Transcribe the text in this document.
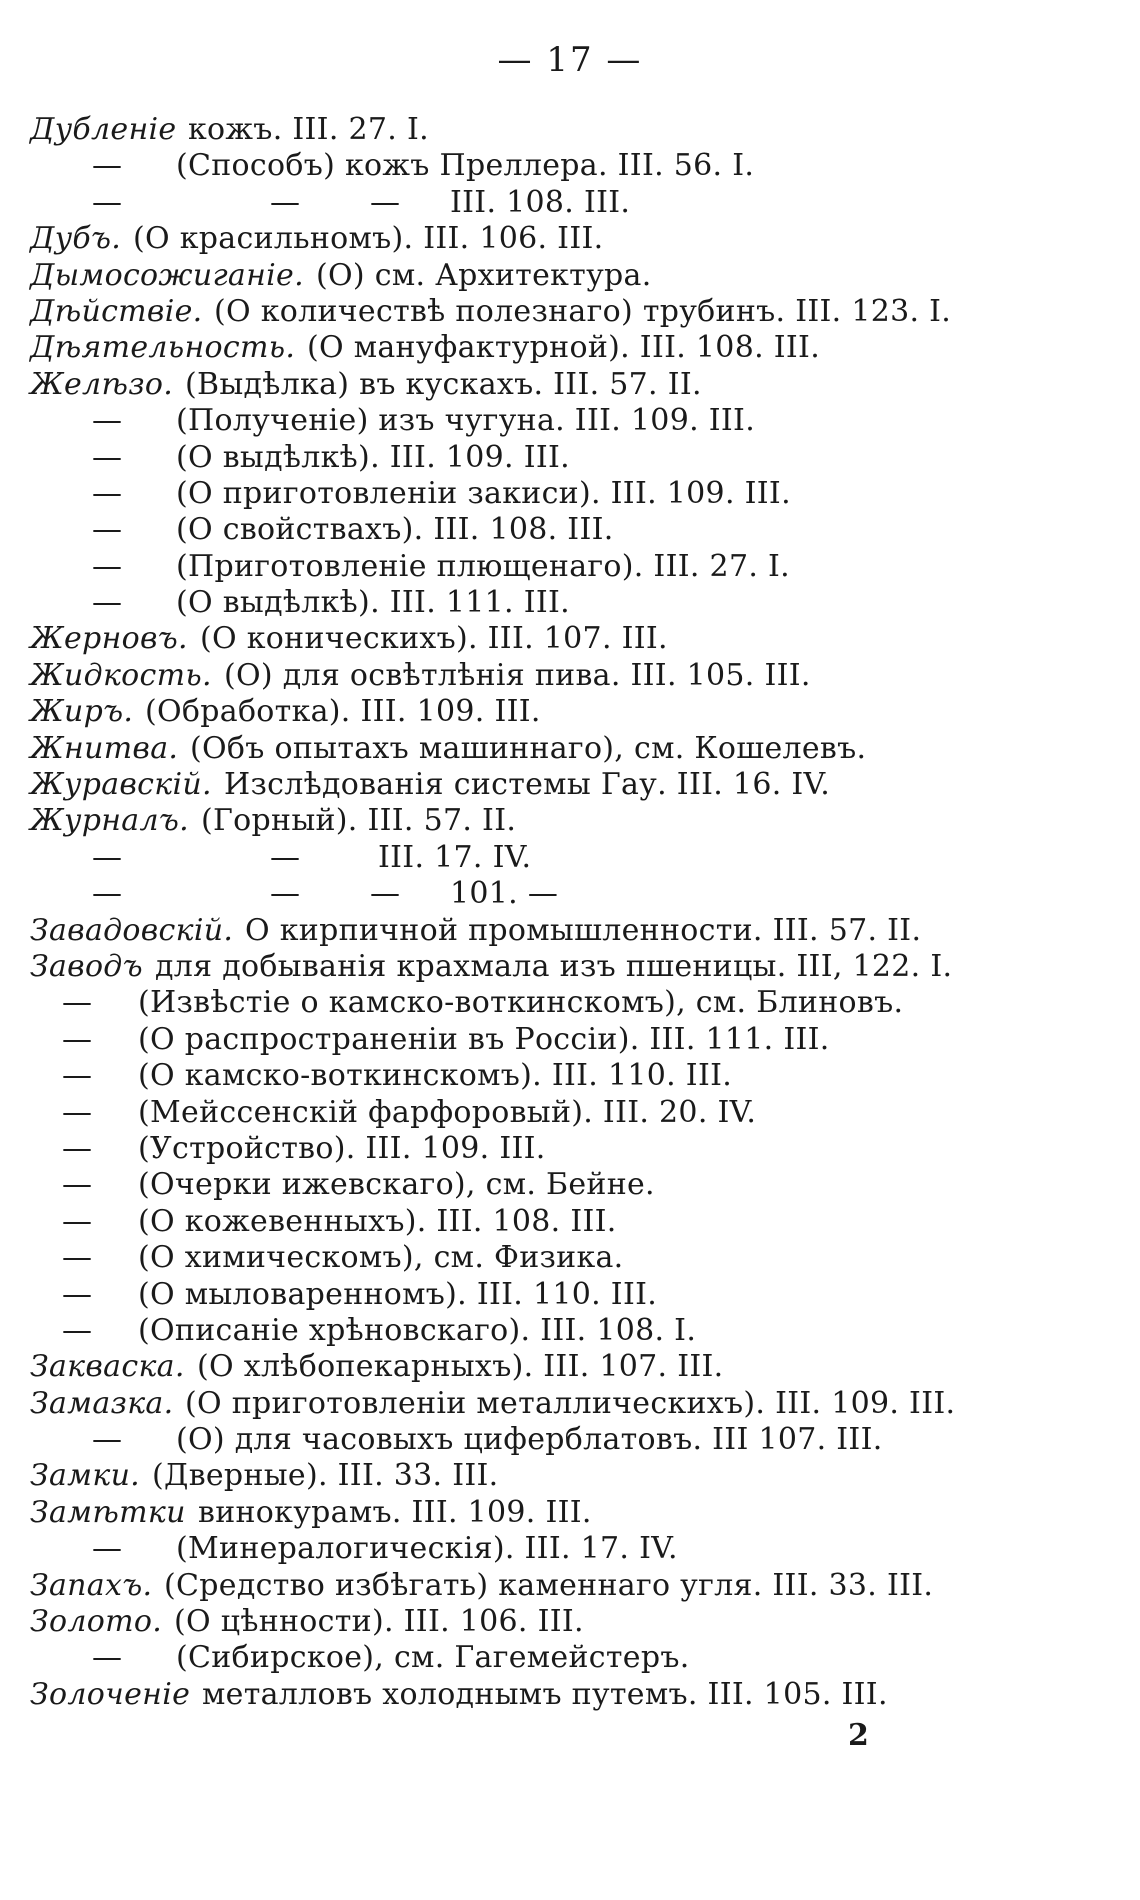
— 17 —
Дубленіе кожъ. III. 27. I.
— (Способъ) кожъ Преллера. III. 56. I.
—	— — III. 108. III.
Дубъ. (О красильномъ). III. 106. III.
Дымосожиганіе. (О) см. Архитектура.
Дѣйствіе. (О количествѣ полезнаго) трубинъ. III. 123. I.
Дѣятельность. (О мануфактурной). III. 108. III.
Желѣзо. (Выдѣлка) въ кускахъ. III. 57. II.
— (Полученіе) изъ чугуна. III. 109. III.
— (О выдѣлкѣ). III. 109. III.
— (О приготовленіи закиси). III. 109. III.
— (О свойствахъ). III. 108. III.
— (Приготовленіе плющенаго). III. 27. I.
— (О выдѣлкѣ). III. 111. III.
Жерновъ. (О коническихъ). III. 107. III.
Жидкость. (О) для освѣтлѣнія пива. III. 105. III.
Жиръ. (Обработка). III. 109. III.
Жнитва. (Объ опытахъ машиннаго), см. Кошелевъ.
Журавскій. Изслѣдованія системы Гау. III. 16. IV.
Журналъ. (Горный). III. 57. II.
—	—	III. 17. IV.
—	— — 101. —
Завадовскій. О кирпичной промышленности. III. 57. II.
Заводъ для добыванія крахмала изъ пшеницы. III, 122. I.
— (Извѣстіе о камско-воткинскомъ), см. Блиновъ.
— (О распространеніи въ Россіи). III. 111. III.
— (О камско-воткинскомъ). III. 110. III.
— (Мейссенскій фарфоровый). III. 20. IV.
— (Устройство). III. 109. III.
— (Очерки ижевскаго), см. Бейне.
— (О кожевенныхъ). III. 108. III.
— (О химическомъ), см. Физика.
— (О мыловаренномъ). III. 110. III.
— (Описаніе хрѣновскаго). III. 108. I.
Закваска. (О хлѣбопекарныхъ). III. 107. III.
Замазка. (О приготовленіи металлическихъ). III. 109. III.
— (О) для часовыхъ циферблатовъ. III 107. III.
Замки. (Дверные). III. 33. III.
Замѣтки винокурамъ. III. 109. III.
— (Минералогическія). III. 17. IV.
Запахъ. (Средство избѣгать) каменнаго угля. III. 33. III.
Золото. (О цѣнности). III. 106. III.
— (Сибирское), см. Гагемейстеръ.
Золоченіе металловъ холоднымъ путемъ. III. 105. III.
2
